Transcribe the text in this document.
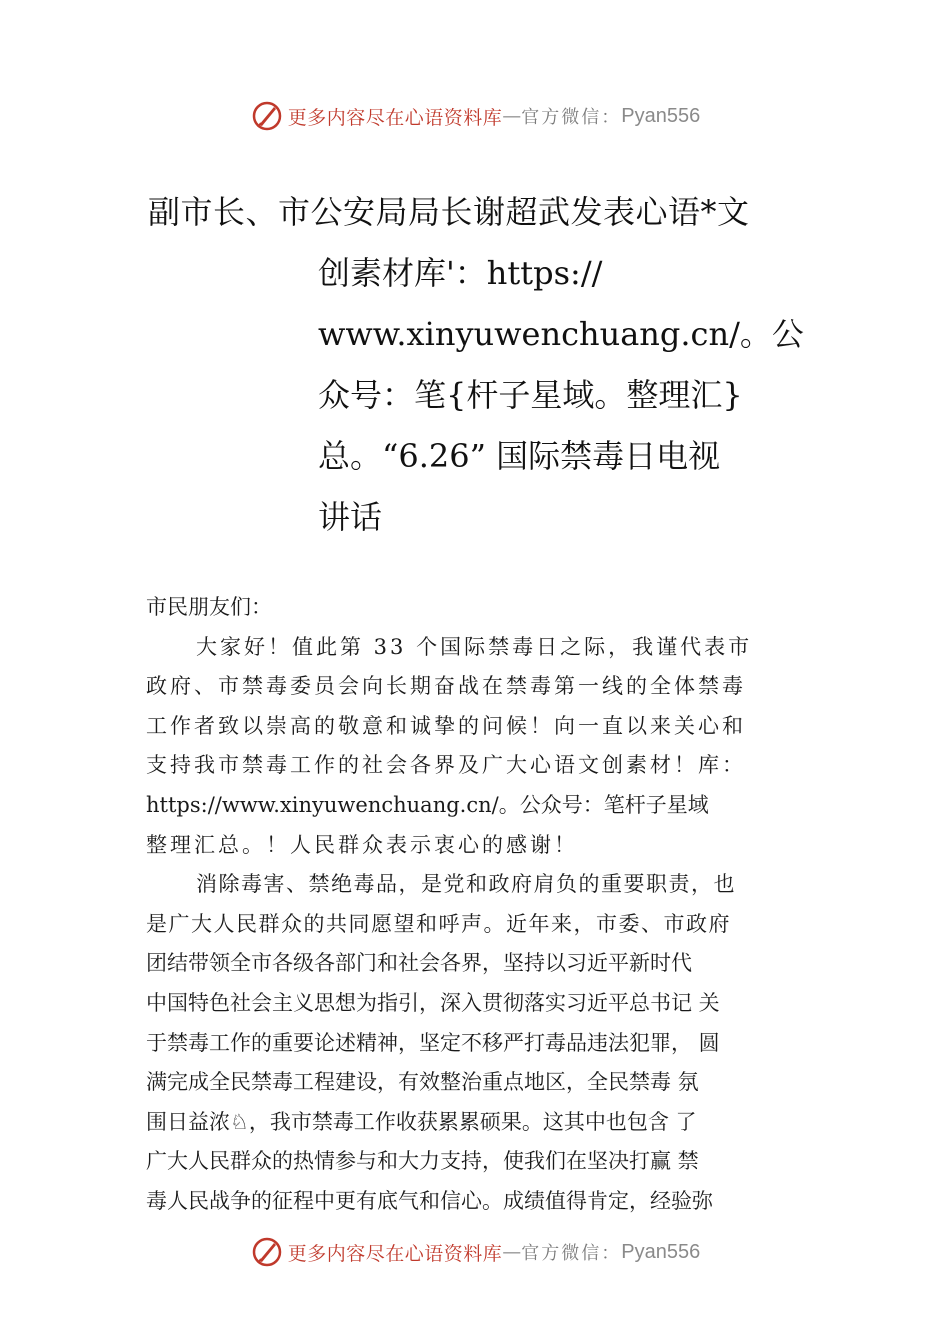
更多内容尽在心语资料库 — 官方微信： Pyan556
副市长、市公安局局长谢超武发表心语*文
创素材库'：https://
www.xinyuwenchuang.cn/。公
众号：笔{杆子星域。整理汇}
总。“6.26” 国际禁毒日电视
讲话
市民朋友们：
大家好！值此第 33 个国际禁毒日之际，我谨代表市
政府、市禁毒委员会向长期奋战在禁毒第一线的全体禁毒
工作者致以崇高的敬意和诚挚的问候！向一直以来关心和
支持我市禁毒工作的社会各界及广大心语文创素材！库：
https://www.xinyuwenchuang.cn/。公众号：笔杆子星域
整理汇总。！人民群众表示衷心的感谢！
消除毒害、禁绝毒品，是党和政府肩负的重要职责，也
是广大人民群众的共同愿望和呼声。近年来，市委、市政府
团结带领全市各级各部门和社会各界，坚持以习近平新时代
中国特色社会主义思想为指引，深入贯彻落实习近平总书记 关
于禁毒工作的重要论述精神，坚定不移严打毒品违法犯罪， 圆
满完成全民禁毒工程建设，有效整治重点地区，全民禁毒 氛
围日益浓♘，我市禁毒工作收获累累硕果。这其中也包含 了
广大人民群众的热情参与和大力支持，使我们在坚决打赢 禁
毒人民战争的征程中更有底气和信心。成绩值得肯定，经验弥
更多内容尽在心语资料库 — 官方微信： Pyan556
